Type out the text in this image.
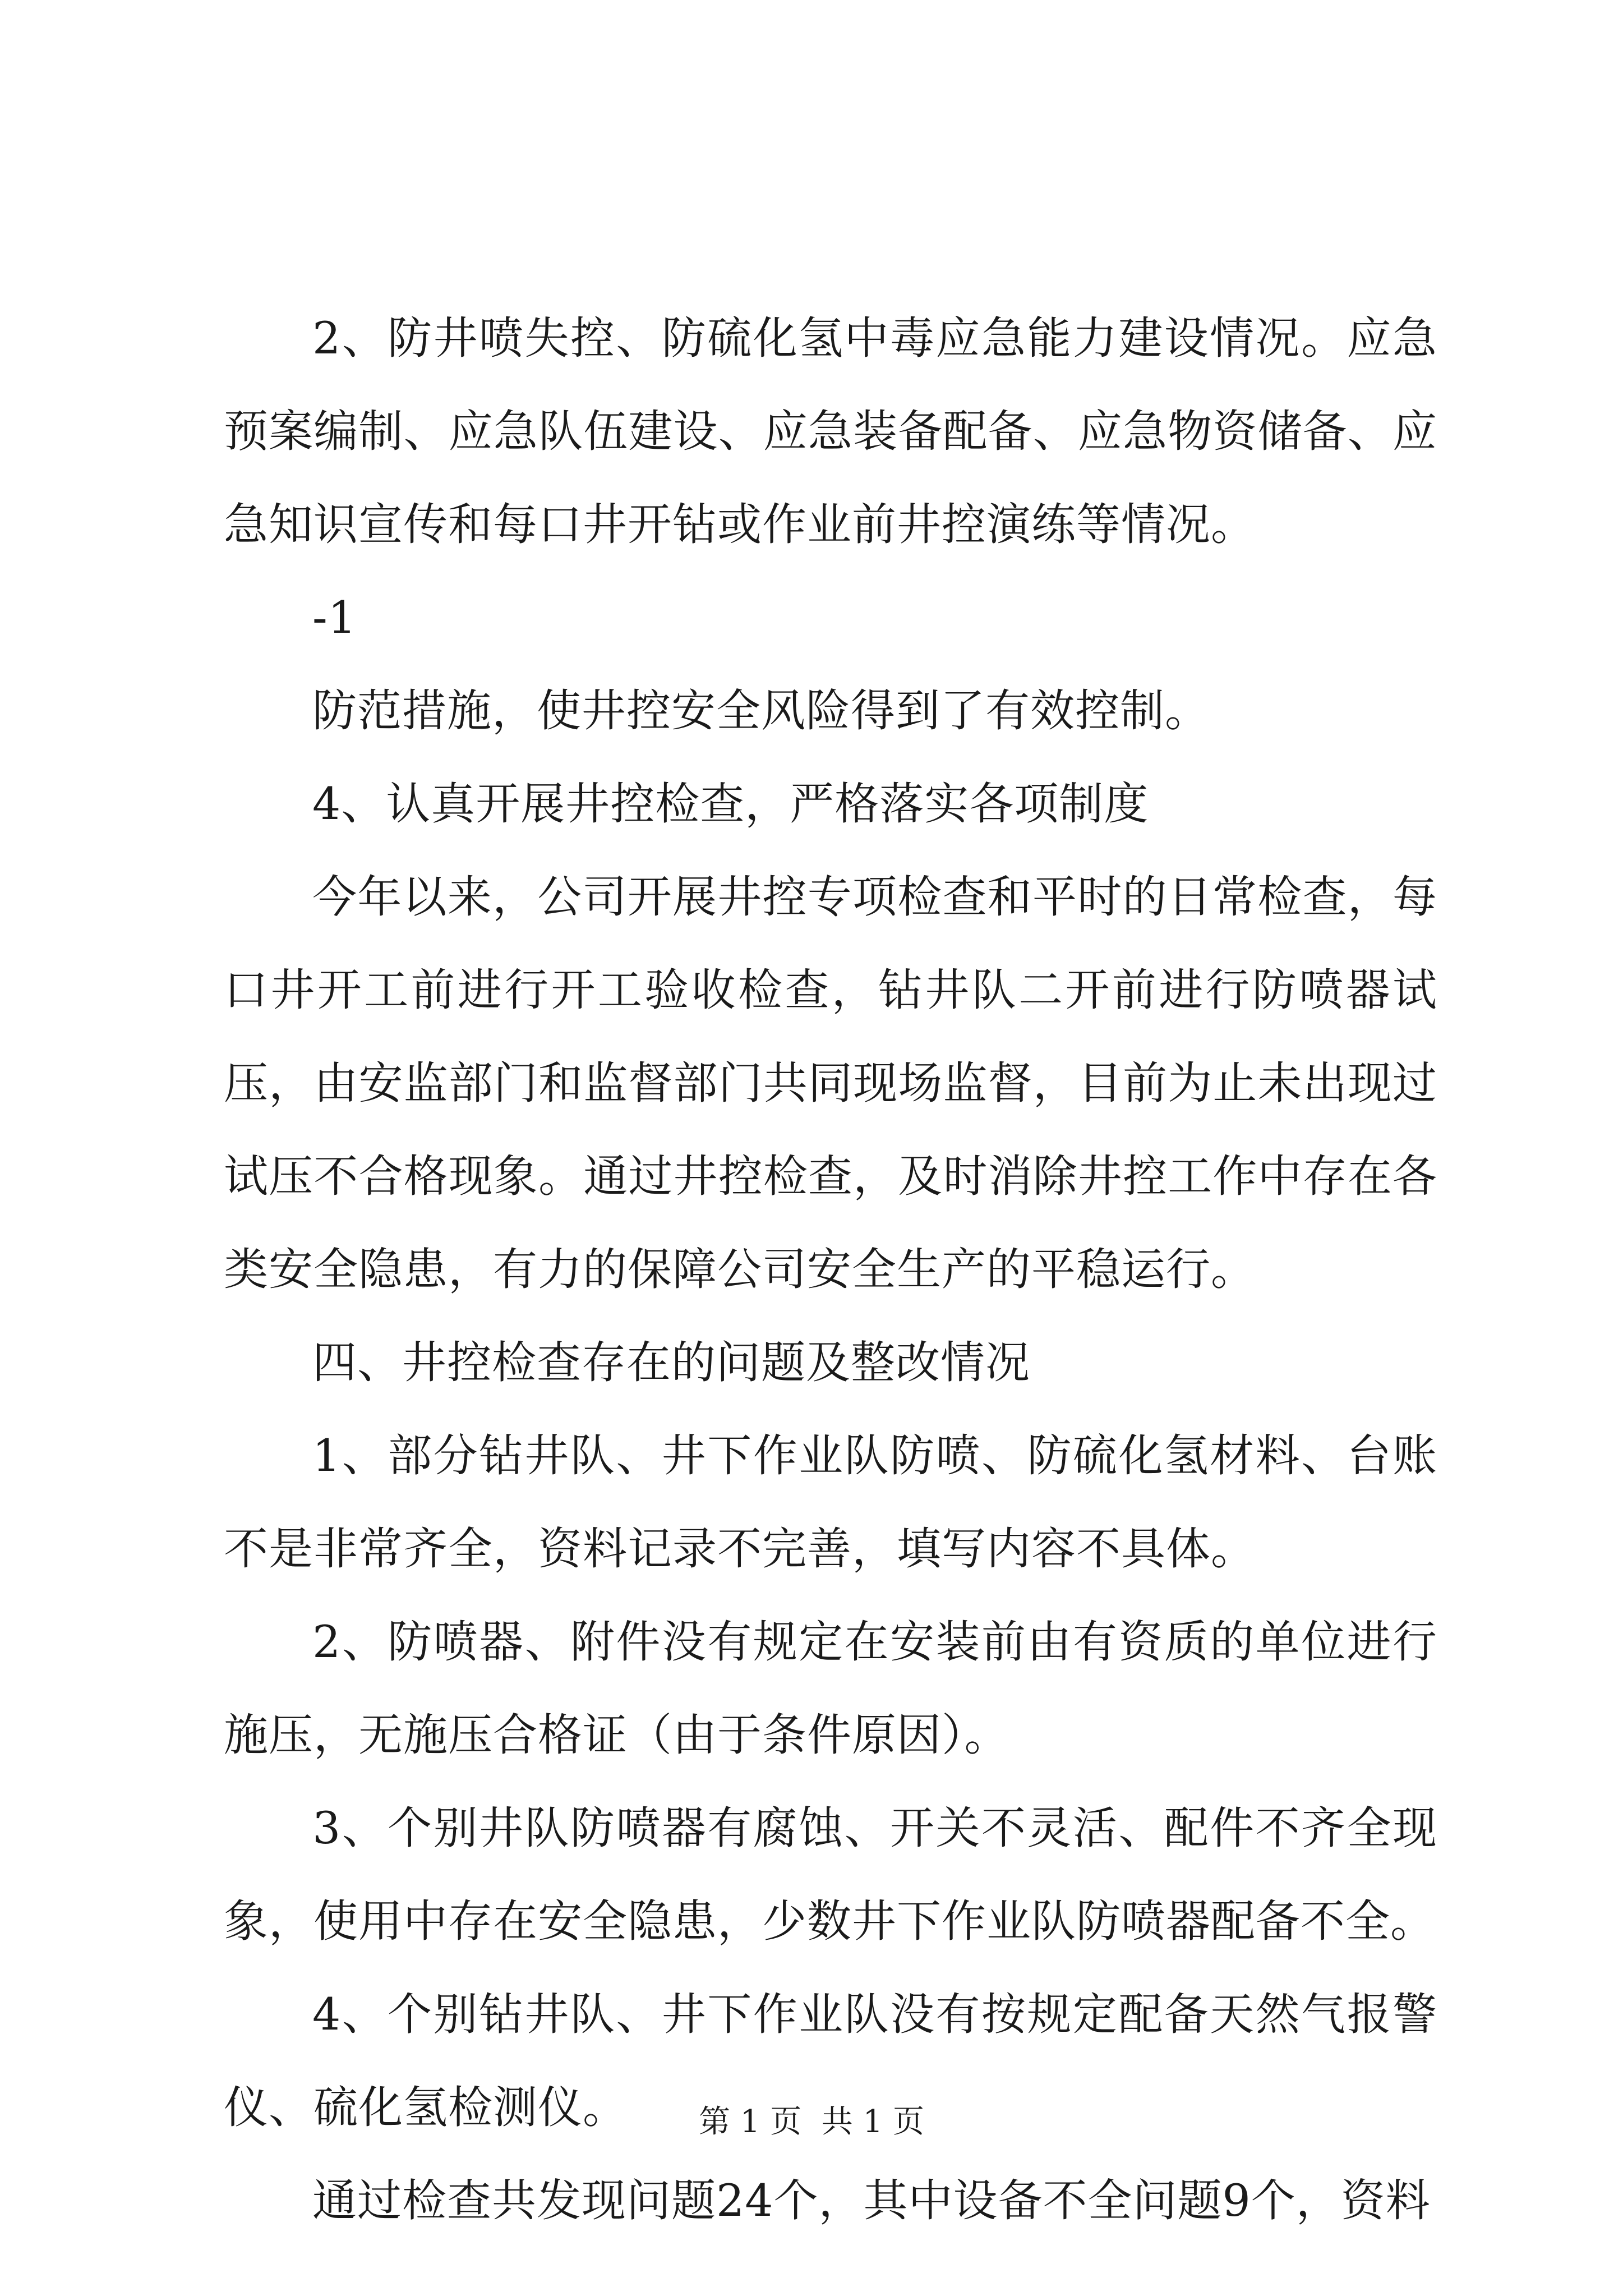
2、防井喷失控、防硫化氢中毒应急能力建设情况。应急预案编制、应急队伍建设、应急装备配备、应急物资储备、应急知识宣传和每口井开钻或作业前井控演练等情况。

-1

防范措施，使井控安全风险得到了有效控制。

4、认真开展井控检查，严格落实各项制度

今年以来，公司开展井控专项检查和平时的日常检查，每口井开工前进行开工验收检查，钻井队二开前进行防喷器试压，由安监部门和监督部门共同现场监督，目前为止未出现过试压不合格现象。通过井控检查，及时消除井控工作中存在各类安全隐患，有力的保障公司安全生产的平稳运行。

四、井控检查存在的问题及整改情况

1、部分钻井队、井下作业队防喷、防硫化氢材料、台账不是非常齐全，资料记录不完善，填写内容不具体。

2、防喷器、附件没有规定在安装前由有资质的单位进行施压，无施压合格证（由于条件原因）。

3、个别井队防喷器有腐蚀、开关不灵活、配件不齐全现象，使用中存在安全隐患，少数井下作业队防喷器配备不全。

4、个别钻井队、井下作业队没有按规定配备天然气报警仪、硫化氢检测仪。

通过检查共发现问题24个，其中设备不全问题9个，资料

第 1 页  共 1 页
